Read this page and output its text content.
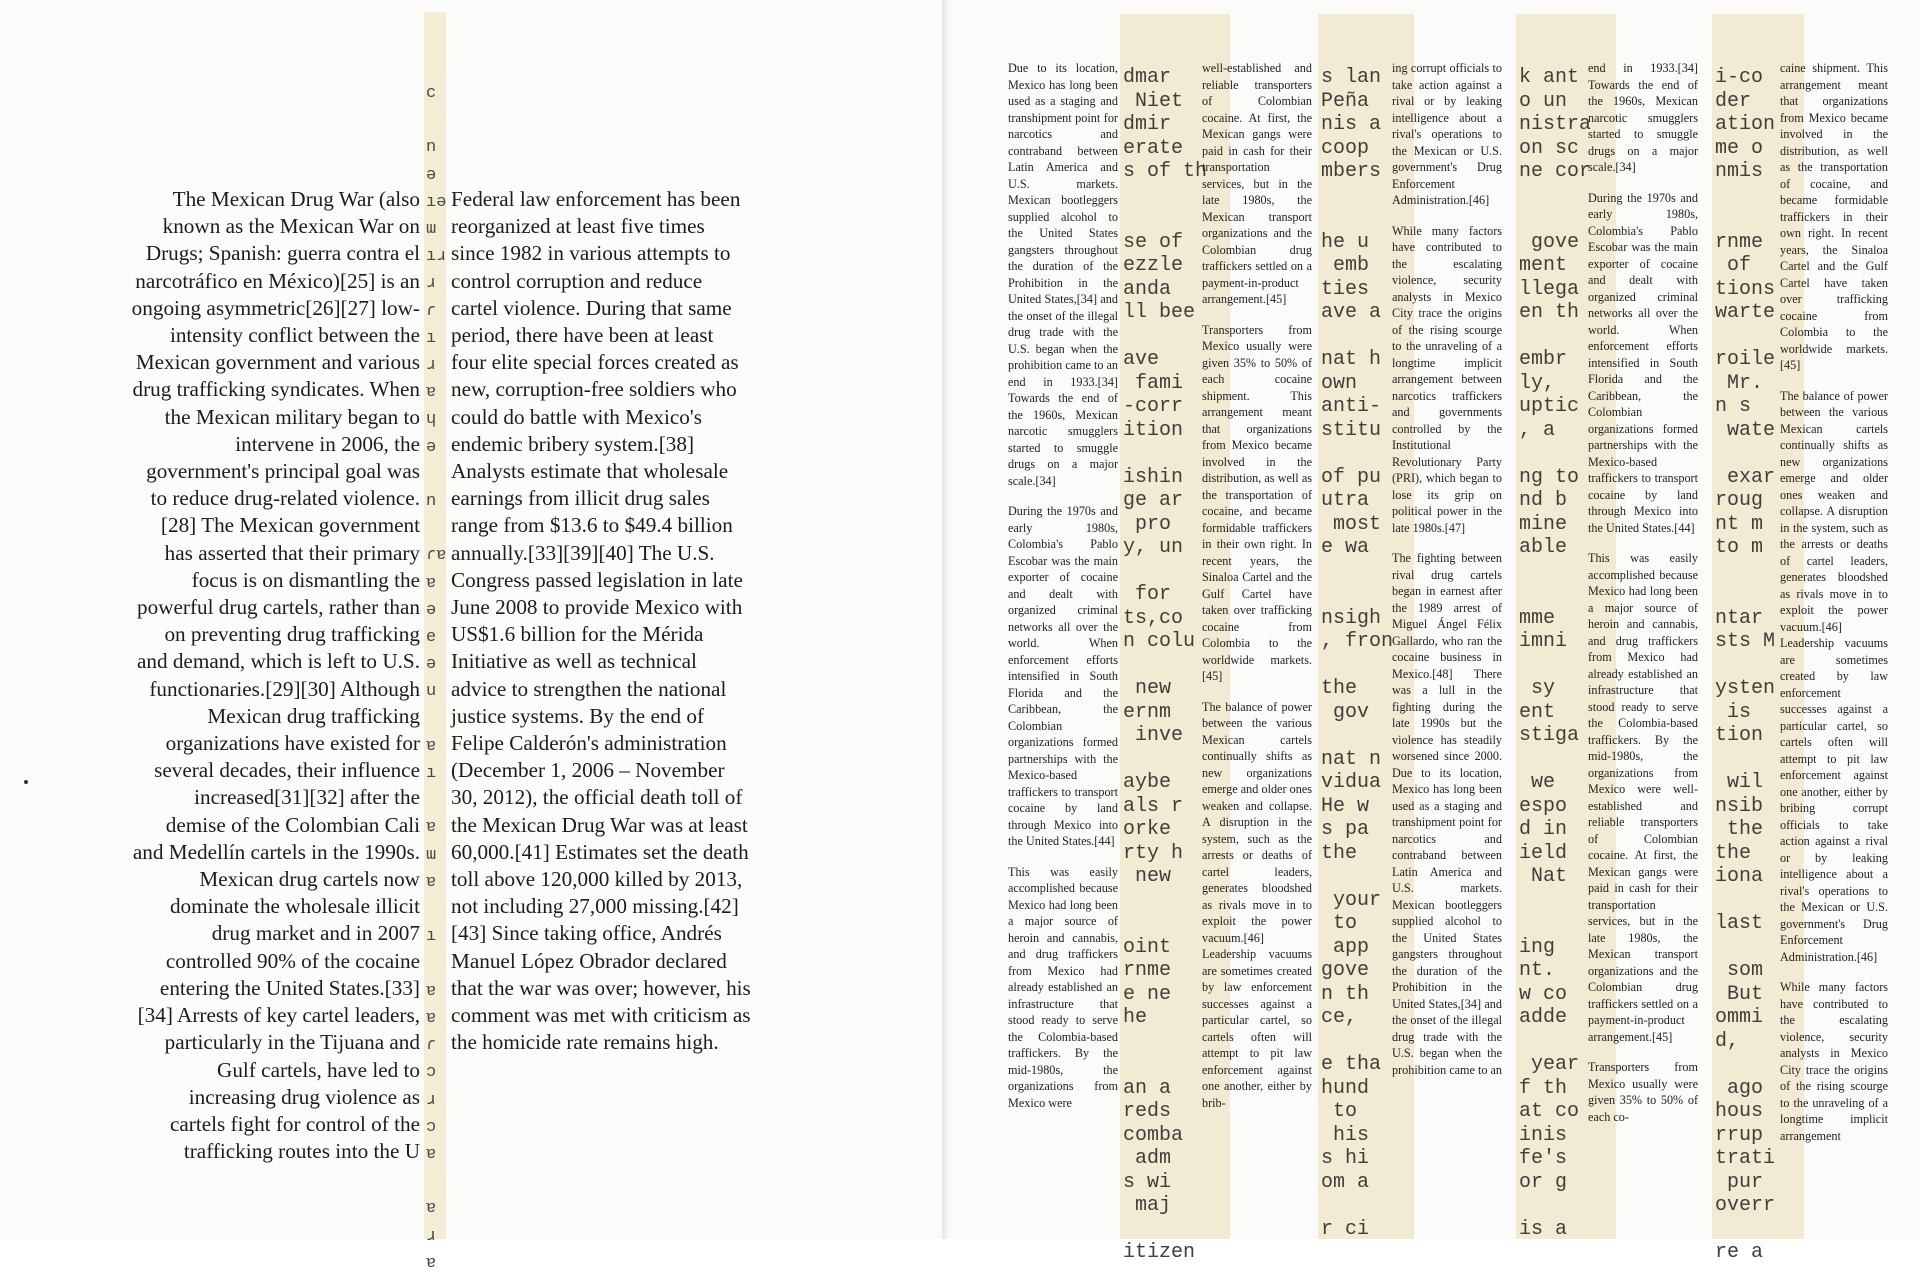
The Mexican Drug War (also known as the Mexican War on Drugs; Spanish: guerra contra el narcotráfico en México)[25] is an ongoing asymmetric[26][27] low-intensity conflict between the Mexican government and various drug trafficking syndicates. When the Mexican military began to intervene in 2006, the government's principal goal was to reduce drug-related violence.[28] The Mexican government has asserted that their primary focus is on dismantling the powerful drug cartels, rather than on preventing drug trafficking and demand, which is left to U.S. functionaries.[29][30] Although Mexican drug trafficking organizations have existed for several decades, their influence increased[31][32] after the demise of the Colombian Cali and Medellín cartels in the 1990s. Mexican drug cartels now dominate the wholesale illicit drug market and in 2007 controlled 90% of the cocaine entering the United States.[33][34] Arrests of key cartel leaders, particularly in the Tijuana and Gulf cartels, have led to increasing drug violence as cartels fight for control of the trafficking routes into the U
c

n
ə
ıə
ɯ
ıɹ
ɹ
ɾ
ı
ɹ
ɐ
ɥ
ə

n

ɾɐ
ɐ
ə
e
ə
u

ɐ
ı

ɐ
ɯ
ɐ

ı

ɐ
ɐ
ɾ
ɔ
ɹ
ɔ
ɐ

ɐ
ɹ
ɐ
Federal law enforcement has been reorganized at least five times since 1982 in various attempts to control corruption and reduce cartel violence. During that same period, there have been at least four elite special forces created as new, corruption-free soldiers who could do battle with Mexico's endemic bribery system.[38] Analysts estimate that wholesale earnings from illicit drug sales range from $13.6 to $49.4 billion annually.[33][39][40] The U.S. Congress passed legislation in late June 2008 to provide Mexico with US$1.6 billion for the Mérida Initiative as well as technical advice to strengthen the national justice systems. By the end of Felipe Calderón's administration (December 1, 2006 – November 30, 2012), the official death toll of the Mexican Drug War was at least 60,000.[41] Estimates set the death toll above 120,000 killed by 2013, not including 27,000 missing.[42][43] Since taking office, Andrés Manuel López Obrador declared that the war was over; however, his comment was met with criticism as the homicide rate remains high.

Due to its location, Mexico has long been used as a staging and transhipment point for narcotics and contraband between Latin America and U.S. markets. Mexican bootleggers supplied alcohol to the United States gangsters throughout the duration of the Prohibition in the United States,[34] and the onset of the illegal drug trade with the U.S. began when the prohibition came to an end in 1933.[34] Towards the end of the 1960s, Mexican narcotic smugglers started to smuggle drugs on a major scale.[34]

During the 1970s and early 1980s, Colombia's Pablo Escobar was the main exporter of cocaine and dealt with organized criminal networks all over the world. When enforcement efforts intensified in South Florida and the Caribbean, the Colombian organizations formed partnerships with the Mexico-based traffickers to transport cocaine by land through Mexico into the United States.[44]

This was easily accomplished because Mexico had long been a major source of heroin and cannabis, and drug traffickers from Mexico had already established an infrastructure that stood ready to serve the Colombia-based traffickers. By the mid-1980s, the organizations from Mexico were

dmar
Niet
dmir
erate
s of th

se of
ezzle
anda
ll bee

ave
fami
-corr
ition

ishin
ge ar
pro
y, un

for
ts,co
n colu

new
ernm
inve

aybe
als r
orke
rty h
new

oint
rnme
e ne
he

an a
reds
comba
adm
s wi
maj

itizen

well-established and reliable transporters of Colombian cocaine. At first, the Mexican gangs were paid in cash for their transportation services, but in the late 1980s, the Mexican transport organizations and the Colombian drug traffickers settled on a payment-in-product arrangement.[45]

Transporters from Mexico usually were given 35% to 50% of each cocaine shipment. This arrangement meant that organizations from Mexico became involved in the distribution, as well as the transportation of cocaine, and became formidable traffickers in their own right. In recent years, the Sinaloa Cartel and the Gulf Cartel have taken over trafficking cocaine from Colombia to the worldwide markets.[45]

The balance of power between the various Mexican cartels continually shifts as new organizations emerge and older ones weaken and collapse. A disruption in the system, such as the arrests or deaths of cartel leaders, generates bloodshed as rivals move in to exploit the power vacuum.[46] Leadership vacuums are sometimes created by law enforcement successes against a particular cartel, so cartels often will attempt to pit law enforcement against one another, either by brib-

s lan
Peña
nis a
coop
mbers

he u
emb
ties
ave a

nat h
own
anti-
stitu

of pu
utra
most
e wa

nsigh
, fron

the
gov

nat n
vidua
He w
s pa
the

your
to
app
gove
n th
ce,

e tha
hund
to
his
s hi
om a

r ci

ing corrupt officials to take action against a rival or by leaking intelligence about a rival's operations to the Mexican or U.S. government's Drug Enforcement Administration.[46]

While many factors have contributed to the escalating violence, security analysts in Mexico City trace the origins of the rising scourge to the unraveling of a longtime implicit arrangement between narcotics traffickers and governments controlled by the Institutional Revolutionary Party (PRI), which began to lose its grip on political power in the late 1980s.[47]

The fighting between rival drug cartels began in earnest after the 1989 arrest of Miguel Ángel Félix Gallardo, who ran the cocaine business in Mexico.[48] There was a lull in the fighting during the late 1990s but the violence has steadily worsened since 2000. Due to its location, Mexico has long been used as a staging and transhipment point for narcotics and contraband between Latin America and U.S. markets. Mexican bootleggers supplied alcohol to the United States gangsters throughout the duration of the Prohibition in the United States,[34] and the onset of the illegal drug trade with the U.S. began when the prohibition came to an

k ant
o un
nistra
on sc
ne cor

gove
ment
llega
en th

embr
ly,
uptic
, a

ng to
nd b
mine
able

mme
imni

sy
ent
stiga

we
espo
d in
ield
Nat

ing
nt.
w co
adde

year
f th
at co
inis
fe's
or g

is a

end in 1933.[34] Towards the end of the 1960s, Mexican narcotic smugglers started to smuggle drugs on a major scale.[34]

During the 1970s and early 1980s, Colombia's Pablo Escobar was the main exporter of cocaine and dealt with organized criminal networks all over the world. When enforcement efforts intensified in South Florida and the Caribbean, the Colombian organizations formed partnerships with the Mexico-based traffickers to transport cocaine by land through Mexico into the United States.[44]

This was easily accomplished because Mexico had long been a major source of heroin and cannabis, and drug traffickers from Mexico had already established an infrastructure that stood ready to serve the Colombia-based traffickers. By the mid-1980s, the organizations from Mexico were well-established and reliable transporters of Colombian cocaine. At first, the Mexican gangs were paid in cash for their transportation services, but in the late 1980s, the Mexican transport organizations and the Colombian drug traffickers settled on a payment-in-product arrangement.[45]

Transporters from Mexico usually were given 35% to 50% of each co-

i-co
der
ation
me o
nmis

rnme
of
tions
warte

roile
Mr.
n s
wate

exar
roug
nt m
to m

ntar
sts M

ysten
is
tion

wil
nsib
the
the
iona

last

som
But
ommi
d,

ago
hous
rrup
trati
pur
overr

re a

caine shipment. This arrangement meant that organizations from Mexico became involved in the distribution, as well as the transportation of cocaine, and became formidable traffickers in their own right. In recent years, the Sinaloa Cartel and the Gulf Cartel have taken over trafficking cocaine from Colombia to the worldwide markets.[45]

The balance of power between the various Mexican cartels continually shifts as new organizations emerge and older ones weaken and collapse. A disruption in the system, such as the arrests or deaths of cartel leaders, generates bloodshed as rivals move in to exploit the power vacuum.[46] Leadership vacuums are sometimes created by law enforcement successes against a particular cartel, so cartels often will attempt to pit law enforcement against one another, either by bribing corrupt officials to take action against a rival or by leaking intelligence about a rival's operations to the Mexican or U.S. government's Drug Enforcement Administration.[46]

While many factors have contributed to the escalating violence, security analysts in Mexico City trace the origins of the rising scourge to the unraveling of a longtime implicit arrangement
